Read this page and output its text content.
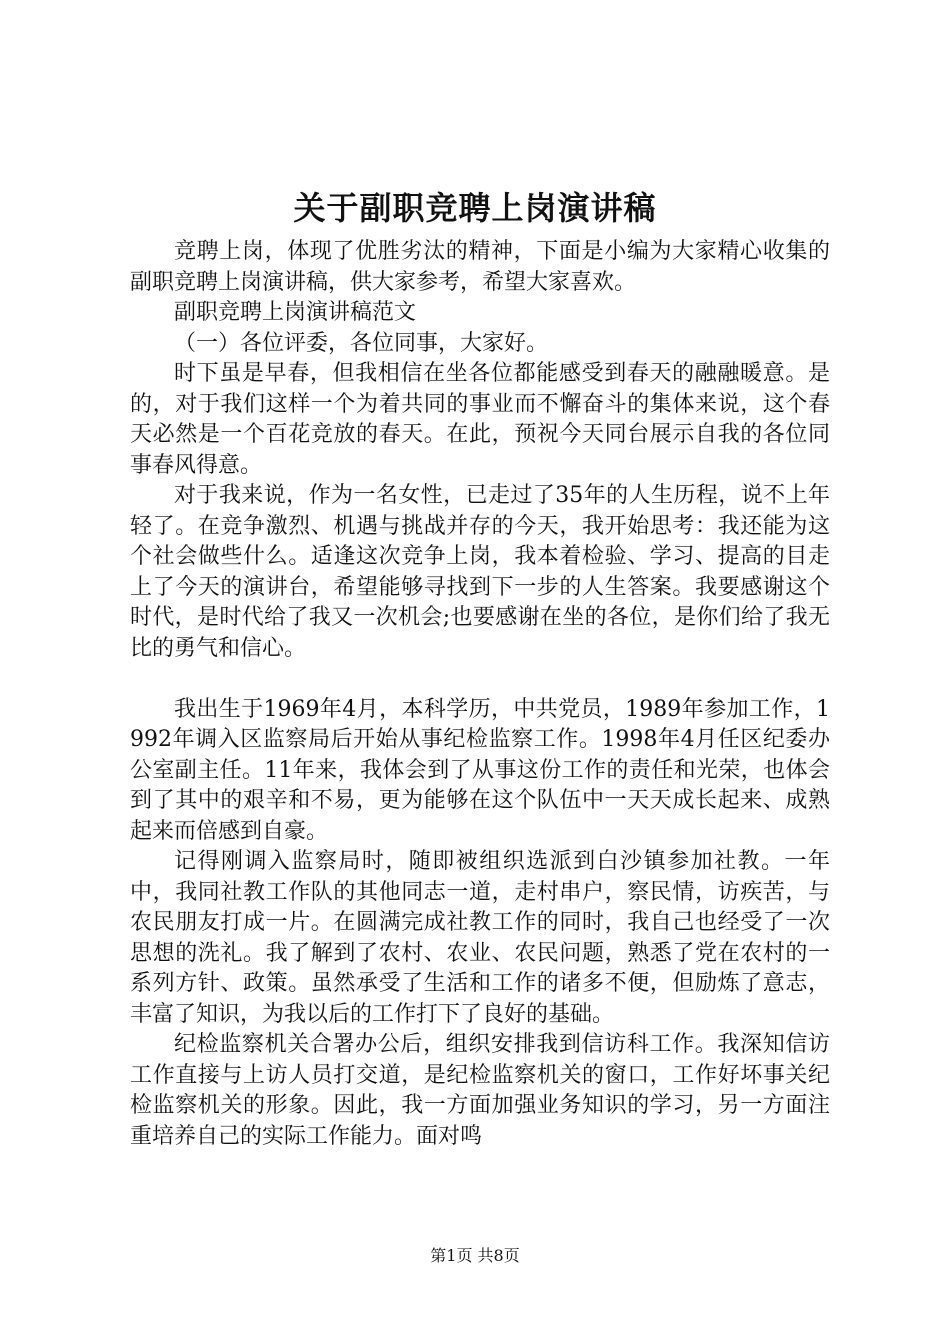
关于副职竞聘上岗演讲稿

竞聘上岗，体现了优胜劣汰的精神，下面是小编为大家精心收集的副职竞聘上岗演讲稿，供大家参考，希望大家喜欢。

副职竞聘上岗演讲稿范文

（一）各位评委，各位同事，大家好。

时下虽是早春，但我相信在坐各位都能感受到春天的融融暖意。是的，对于我们这样一个为着共同的事业而不懈奋斗的集体来说，这个春天必然是一个百花竞放的春天。在此，预祝今天同台展示自我的各位同事春风得意。

对于我来说，作为一名女性，已走过了35年的人生历程，说不上年轻了。在竞争激烈、机遇与挑战并存的今天，我开始思考：我还能为这个社会做些什么。适逢这次竞争上岗，我本着检验、学习、提高的目走上了今天的演讲台，希望能够寻找到下一步的人生答案。我要感谢这个时代，是时代给了我又一次机会;也要感谢在坐的各位，是你们给了我无比的勇气和信心。

我出生于1969年4月，本科学历，中共党员，1989年参加工作，1992年调入区监察局后开始从事纪检监察工作。1998年4月任区纪委办公室副主任。11年来，我体会到了从事这份工作的责任和光荣，也体会到了其中的艰辛和不易，更为能够在这个队伍中一天天成长起来、成熟起来而倍感到自豪。

记得刚调入监察局时，随即被组织选派到白沙镇参加社教。一年中，我同社教工作队的其他同志一道，走村串户，察民情，访疾苦，与农民朋友打成一片。在圆满完成社教工作的同时，我自己也经受了一次思想的洗礼。我了解到了农村、农业、农民问题，熟悉了党在农村的一系列方针、政策。虽然承受了生活和工作的诸多不便，但励炼了意志，丰富了知识，为我以后的工作打下了良好的基础。

纪检监察机关合署办公后，组织安排我到信访科工作。我深知信访工作直接与上访人员打交道，是纪检监察机关的窗口，工作好坏事关纪检监察机关的形象。因此，我一方面加强业务知识的学习，另一方面注重培养自己的实际工作能力。面对鸣

第1页 共8页
